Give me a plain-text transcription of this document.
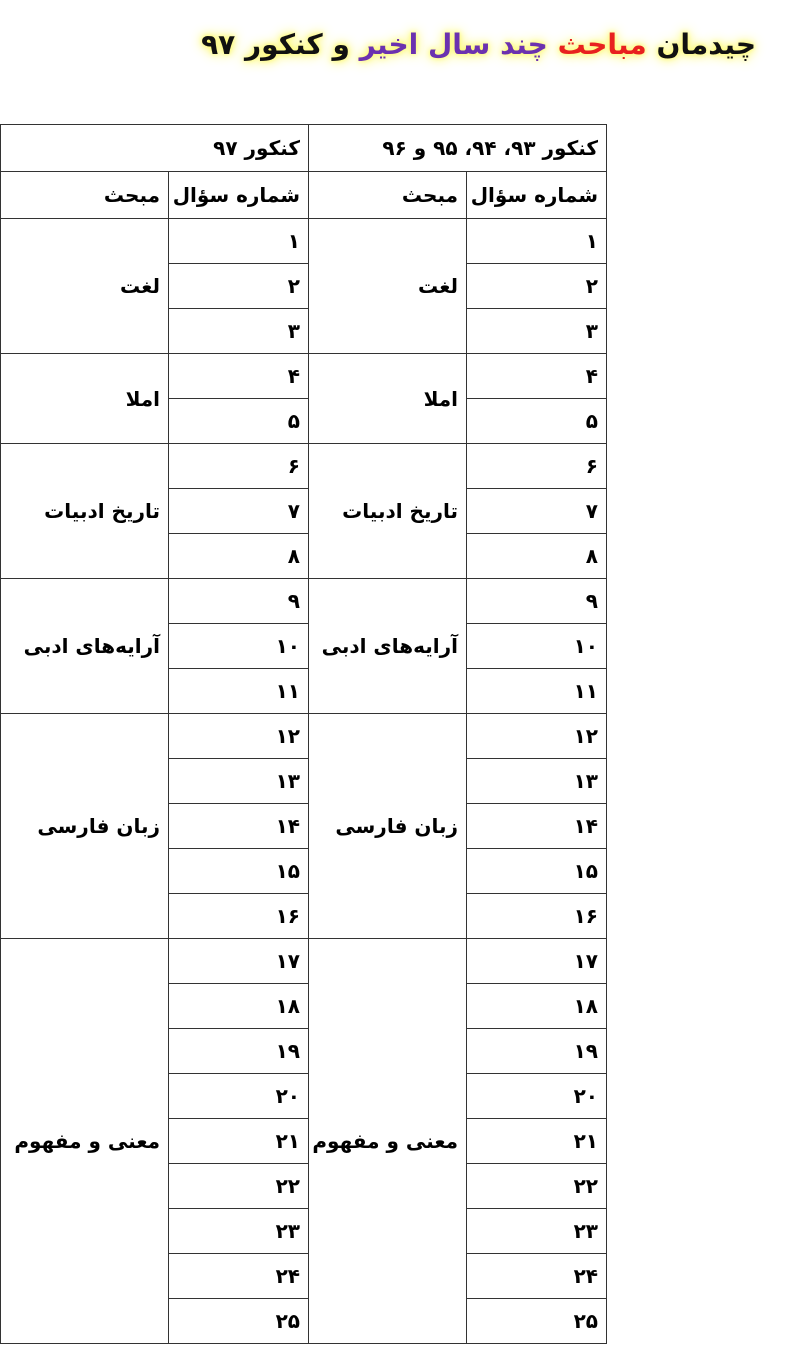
چیدمان مباحث چند سال اخیر و کنکور ۹۷
کنکور ۹۳، ۹۴، ۹۵ و ۹۶		کنکور ۹۷	
شماره سؤال	مبحث	شماره سؤال	مبحث
۱	لغت	۱	لغت
۲		۲	
۳		۳	
۴	املا	۴	املا
۵		۵	
۶	تاریخ ادبیات	۶	تاریخ ادبیات
۷		۷	
۸		۸	
۹	آرایه‌های ادبی	۹	آرایه‌های ادبی
۱۰		۱۰	
۱۱		۱۱	
۱۲	زبان فارسی	۱۲	زبان فارسی
۱۳		۱۳	
۱۴		۱۴	
۱۵		۱۵	
۱۶		۱۶	
۱۷	معنی و مفهوم	۱۷	معنی و مفهوم
۱۸		۱۸	
۱۹		۱۹	
۲۰		۲۰	
۲۱		۲۱	
۲۲		۲۲	
۲۳		۲۳	
۲۴		۲۴	
۲۵		۲۵	
